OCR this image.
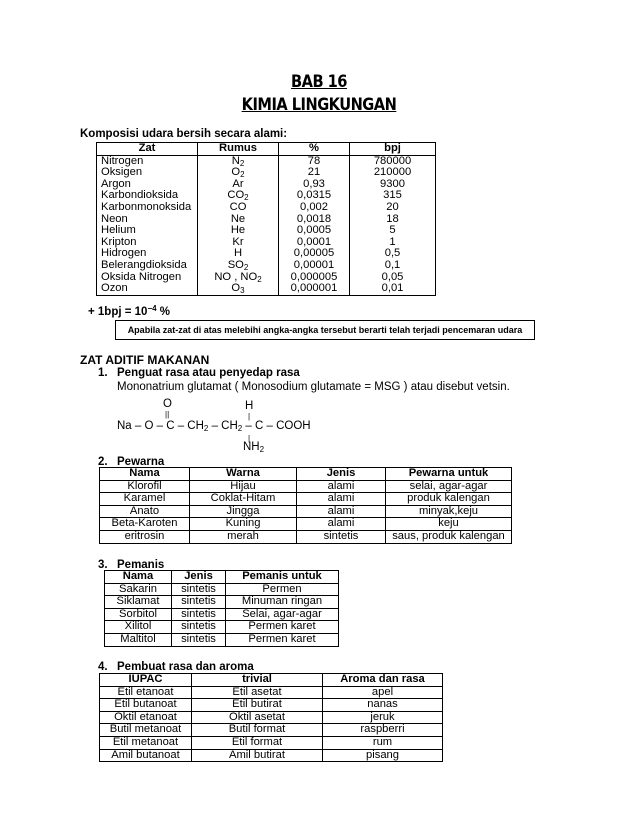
BAB 16
KIMIA LINGKUNGAN
Komposisi udara bersih secara alami:
Zat	Rumus	%	bpj
Nitrogen	$N_2$	78	780000
Oksigen	$O_2$	21	210000
Argon	Ar	0,93	9300
Karbondioksida	$CO_2$	0,0315	315
Karbonmonoksida	CO	0,002	20
Neon	Ne	0,0018	18
Helium	He	0,0005	5
Kripton	Kr	0,0001	1
Hidrogen	H	0,00005	0,5
Belerangdioksida	$SO_2$	0,00001	0,1
Oksida Nitrogen	NO , $NO_2$	0,000005	0,05
Ozon	$O_3$	0,000001	0,01
+ $1bpj = 10^{-4}$ %
Apabila zat-zat di atas melebihi angka-angka tersebut berarti telah terjadi pencemaran udara
ZAT ADITIF MAKANAN
1. Penguat rasa atau penyedap rasa
Mononatrium glutamat ( Monosodium glutamate = MSG ) atau disebut vetsin.
O	H
||	|
Na – O – C – $CH_2 - CH_2$ – C – COOH
|
$NH_2$
2. Pewarna
Nama	Warna	Jenis	Pewarna untuk
Klorofil	Hijau	alami	selai, agar-agar
Karamel	Coklat-Hitam	alami	produk kalengan
Anato	Jingga	alami	minyak,keju
Beta-Karoten	Kuning	alami	keju
eritrosin	merah	sintetis	saus, produk kalengan
3. Pemanis
Nama	Jenis	Pemanis untuk
Sakarin	sintetis	Permen
Siklamat	sintetis	Minuman ringan
Sorbitol	sintetis	Selai, agar-agar
Xilitol	sintetis	Permen karet
Maltitol	sintetis	Permen karet
4. Pembuat rasa dan aroma
IUPAC	trivial	Aroma dan rasa
Etil etanoat	Etil asetat	apel
Etil butanoat	Etil butirat	nanas
Oktil etanoat	Oktil asetat	jeruk
Butil metanoat	Butil format	raspberri
Etil metanoat	Etil format	rum
Amil butanoat	Amil butirat	pisang
